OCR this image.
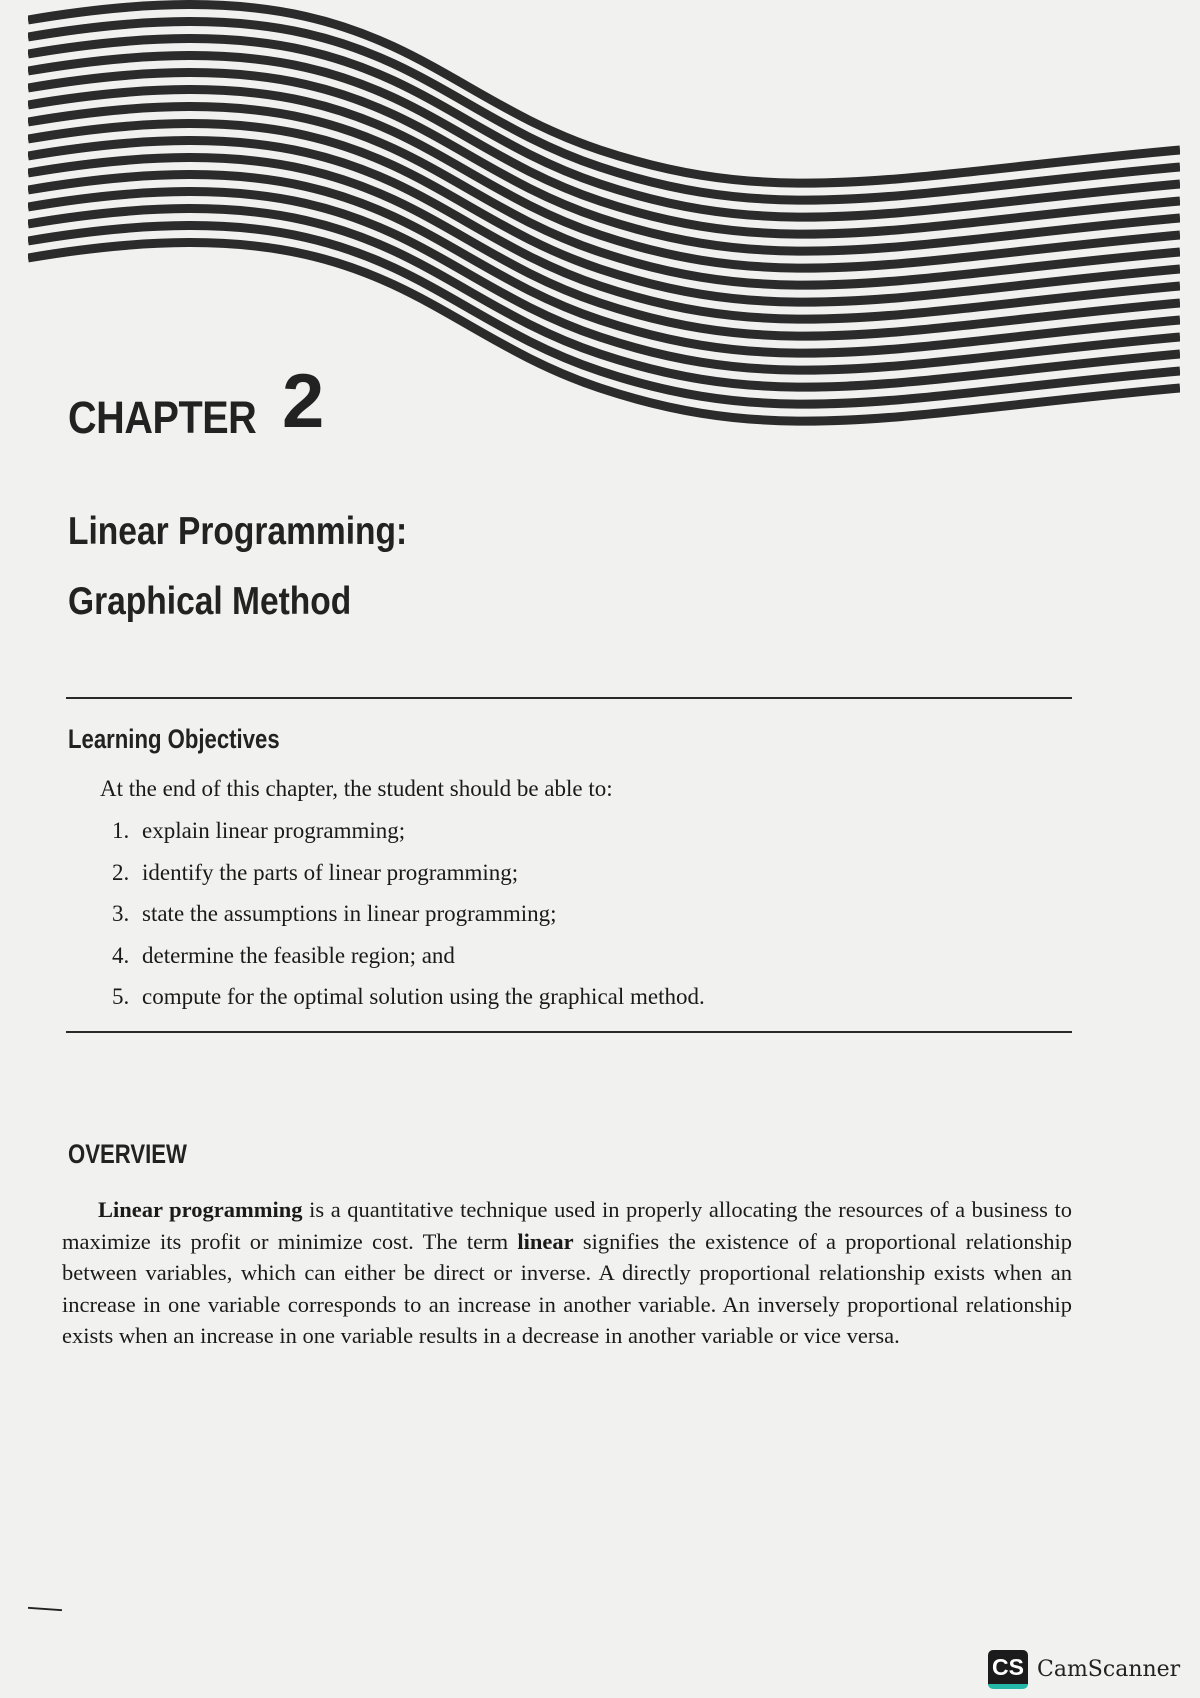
CHAPTER 2
Linear Programming:
Graphical Method
Learning Objectives
At the end of this chapter, the student should be able to:
1. explain linear programming;
2. identify the parts of linear programming;
3. state the assumptions in linear programming;
4. determine the feasible region; and
5. compute for the optimal solution using the graphical method.
OVERVIEW

Linear programming is a quantitative technique used in properly allocating the resources of a business to maximize its profit or minimize cost. The term linear signifies the existence of a proportional relationship between variables, which can either be direct or inverse. A directly proportional relationship exists when an increase in one variable corresponds to an increase in another variable. An inversely proportional relationship exists when an increase in one variable results in a decrease in another variable or vice versa.

CS CamScanner
